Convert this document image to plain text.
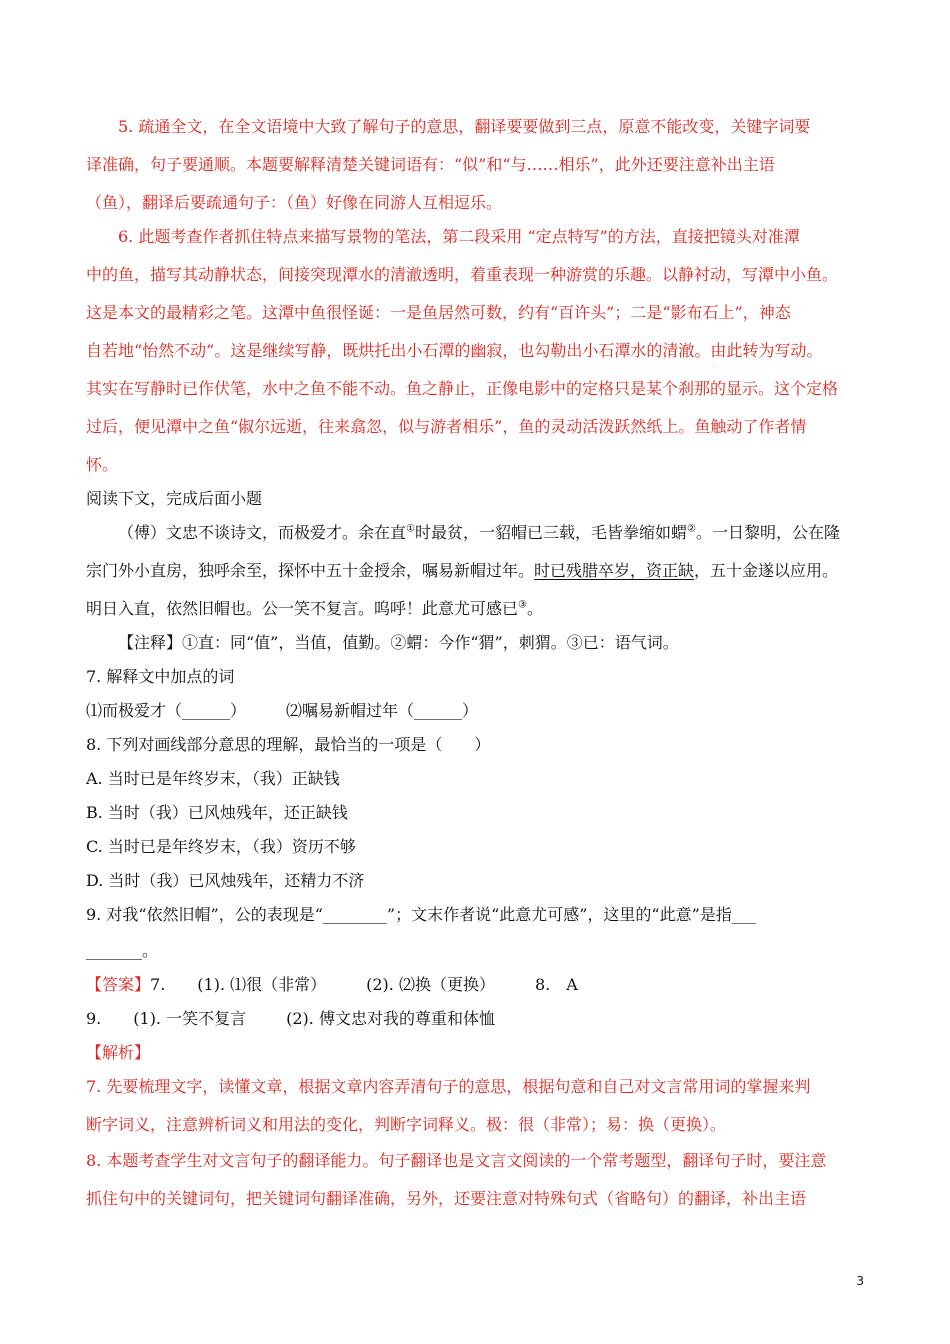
5. 疏通全文，在全文语境中大致了解句子的意思，翻译要要做到三点，原意不能改变，关键字词要
译准确，句子要通顺。本题要解释清楚关键词语有：“似”和“与……相乐”，此外还要注意补出主语
（鱼），翻译后要疏通句子：（鱼）好像在同游人互相逗乐。
6. 此题考查作者抓住特点来描写景物的笔法，第二段采用 “定点特写”的方法，直接把镜头对准潭
中的鱼，描写其动静状态，间接突现潭水的清澈透明，着重表现一种游赏的乐趣。以静衬动，写潭中小鱼。
这是本文的最精彩之笔。这潭中鱼很怪诞：一是鱼居然可数，约有“百许头”；二是“影布石上”，神态
自若地“怡然不动”。这是继续写静，既烘托出小石潭的幽寂，也勾勒出小石潭水的清澈。由此转为写动。
其实在写静时已作伏笔，水中之鱼不能不动。鱼之静止，正像电影中的定格只是某个刹那的显示。这个定格
过后，便见潭中之鱼“俶尔远逝，往来翕忽，似与游者相乐”，鱼的灵动活泼跃然纸上。鱼触动了作者情
怀。
阅读下文，完成后面小题
（傅）文忠不谈诗文，而极爱才。余在直①时最贫，一貂帽已三载，毛皆拳缩如蝟②。一日黎明，公在隆
宗门外小直房，独呼余至，探怀中五十金授余，嘱易新帽过年。时已残腊卒岁，资正缺，五十金遂以应用。
明日入直，依然旧帽也。公一笑不复言。呜呼！此意尤可感已③。
【注释】①直：同“值”，当值，值勤。②蝟：今作“猬”，刺猬。③已：语气词。
7. 解释文中加点的词
⑴而极爱才（______）	⑵嘱易新帽过年（______）
8. 下列对画线部分意思的理解，最恰当的一项是（　　）
A. 当时已是年终岁末，（我）正缺钱
B. 当时（我）已风烛残年，还正缺钱
C. 当时已是年终岁末，（我）资历不够
D. 当时（我）已风烛残年，还精力不济
9. 对我“依然旧帽”，公的表现是“________”；文末作者说“此意尤可感”，这里的“此意”是指___
_______。
【答案】7.　　(1). ⑴很（非常）	(2). ⑵换（更换）	8.　A
9.　　(1). 一笑不复言	(2). 傅文忠对我的尊重和体恤
【解析】
7. 先要梳理文字，读懂文章，根据文章内容弄清句子的意思，根据句意和自己对文言常用词的掌握来判
断字词义，注意辨析词义和用法的变化，判断字词释义。极：很（非常）；易：换（更换）。
8. 本题考查学生对文言句子的翻译能力。句子翻译也是文言文阅读的一个常考题型，翻译句子时，要注意
抓住句中的关键词句，把关键词句翻译准确，另外，还要注意对特殊句式（省略句）的翻译，补出主语
3
